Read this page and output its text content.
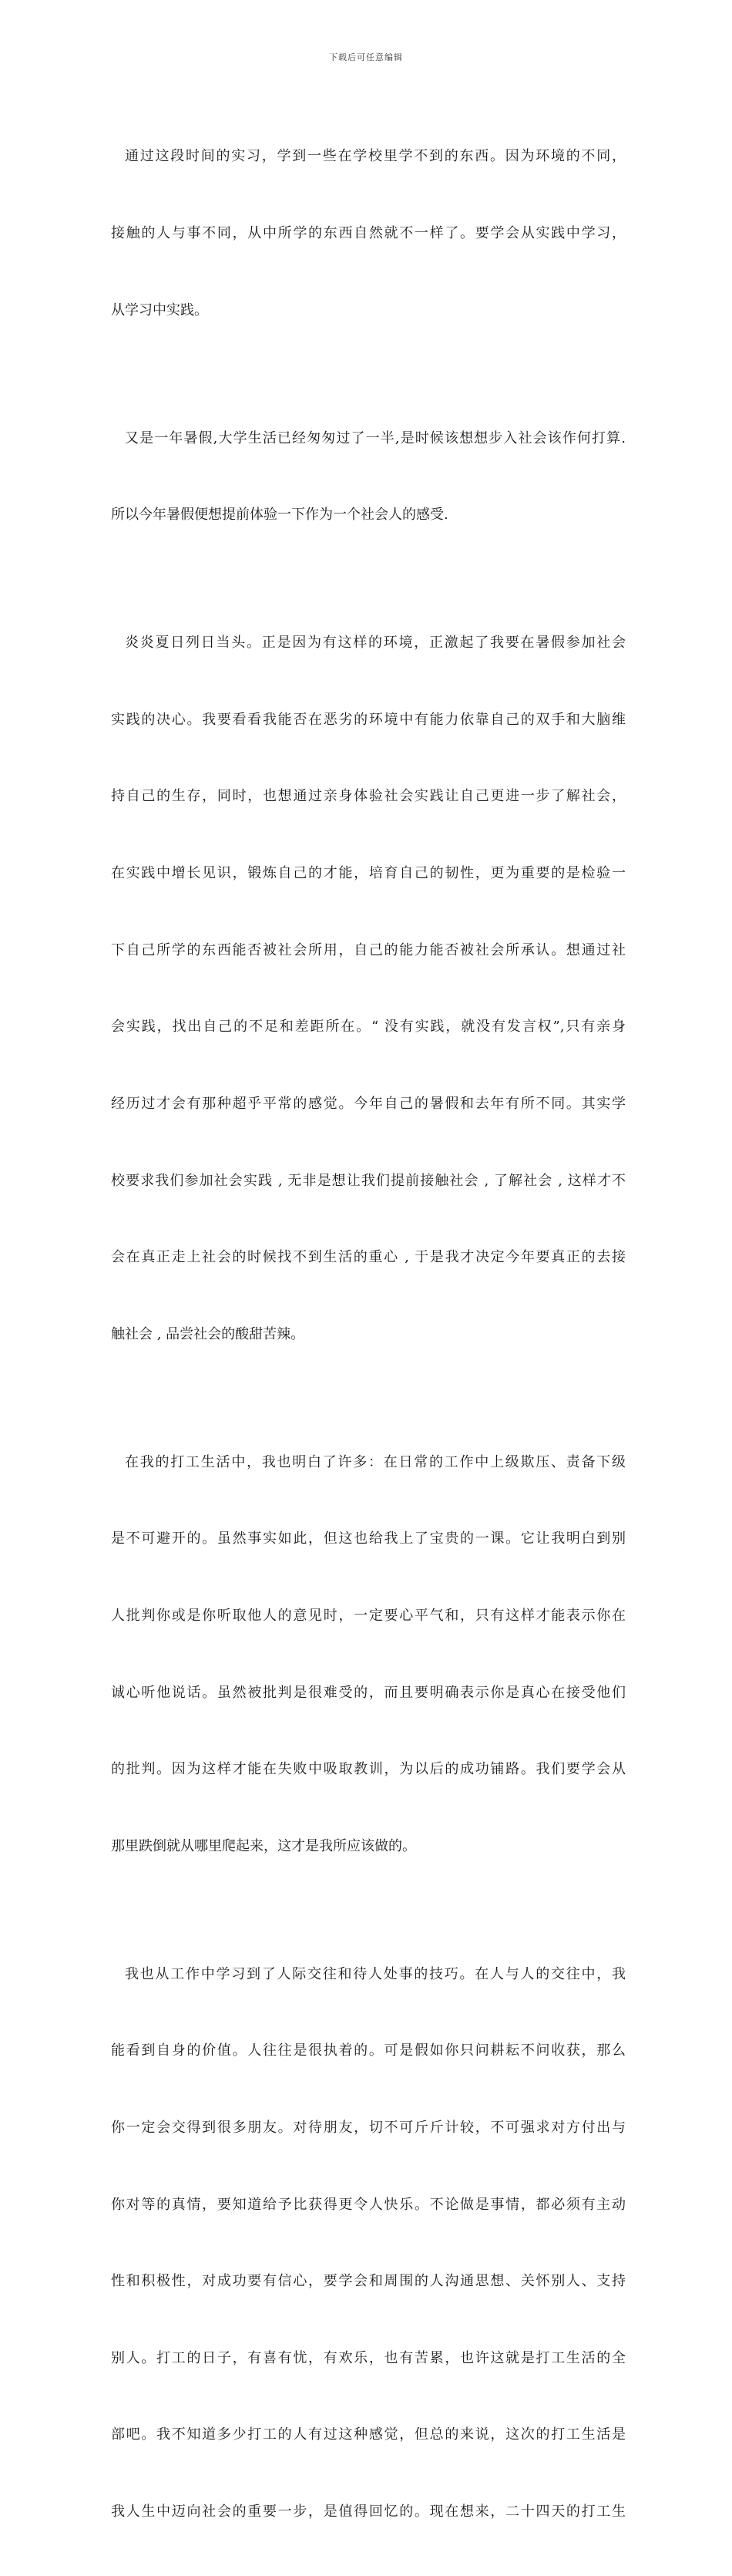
下载后可任意编辑

通过这段时间的实习，学到一些在学校里学不到的东西。因为环境的不同，

接触的人与事不同，从中所学的东西自然就不一样了。要学会从实践中学习，

从学习中实践。

又是一年暑假,大学生活已经匆匆过了一半,是时候该想想步入社会该作何打算.

所以今年暑假便想提前体验一下作为一个社会人的感受.

炎炎夏日列日当头。正是因为有这样的环境，正激起了我要在暑假参加社会

实践的决心。我要看看我能否在恶劣的环境中有能力依靠自己的双手和大脑维

持自己的生存，同时，也想通过亲身体验社会实践让自己更进一步了解社会，

在实践中增长见识，锻炼自己的才能，培育自己的韧性，更为重要的是检验一

下自己所学的东西能否被社会所用，自己的能力能否被社会所承认。想通过社

会实践，找出自己的不足和差距所在。“ 没有实践，就没有发言权”,只有亲身

经历过才会有那种超乎平常的感觉。今年自己的暑假和去年有所不同。其实学

校要求我们参加社会实践 , 无非是想让我们提前接触社会 , 了解社会 , 这样才不

会在真正走上社会的时候找不到生活的重心 , 于是我才决定今年要真正的去接

触社会 , 品尝社会的酸甜苦辣。

在我的打工生活中，我也明白了许多：在日常的工作中上级欺压、责备下级

是不可避开的。虽然事实如此，但这也给我上了宝贵的一课。它让我明白到别

人批判你或是你听取他人的意见时，一定要心平气和，只有这样才能表示你在

诚心听他说话。虽然被批判是很难受的，而且要明确表示你是真心在接受他们

的批判。因为这样才能在失败中吸取教训，为以后的成功铺路。我们要学会从

那里跌倒就从哪里爬起来，这才是我所应该做的。

我也从工作中学习到了人际交往和待人处事的技巧。在人与人的交往中，我

能看到自身的价值。人往往是很执着的。可是假如你只问耕耘不问收获，那么

你一定会交得到很多朋友。对待朋友，切不可斤斤计较，不可强求对方付出与

你对等的真情，要知道给予比获得更令人快乐。不论做是事情，都必须有主动

性和积极性，对成功要有信心，要学会和周围的人沟通思想、关怀别人、支持

别人。打工的日子，有喜有忧，有欢乐，也有苦累，也许这就是打工生活的全

部吧。我不知道多少打工的人有过这种感觉，但总的来说，这次的打工生活是

我人生中迈向社会的重要一步，是值得回忆的。现在想来，二十四天的打工生
